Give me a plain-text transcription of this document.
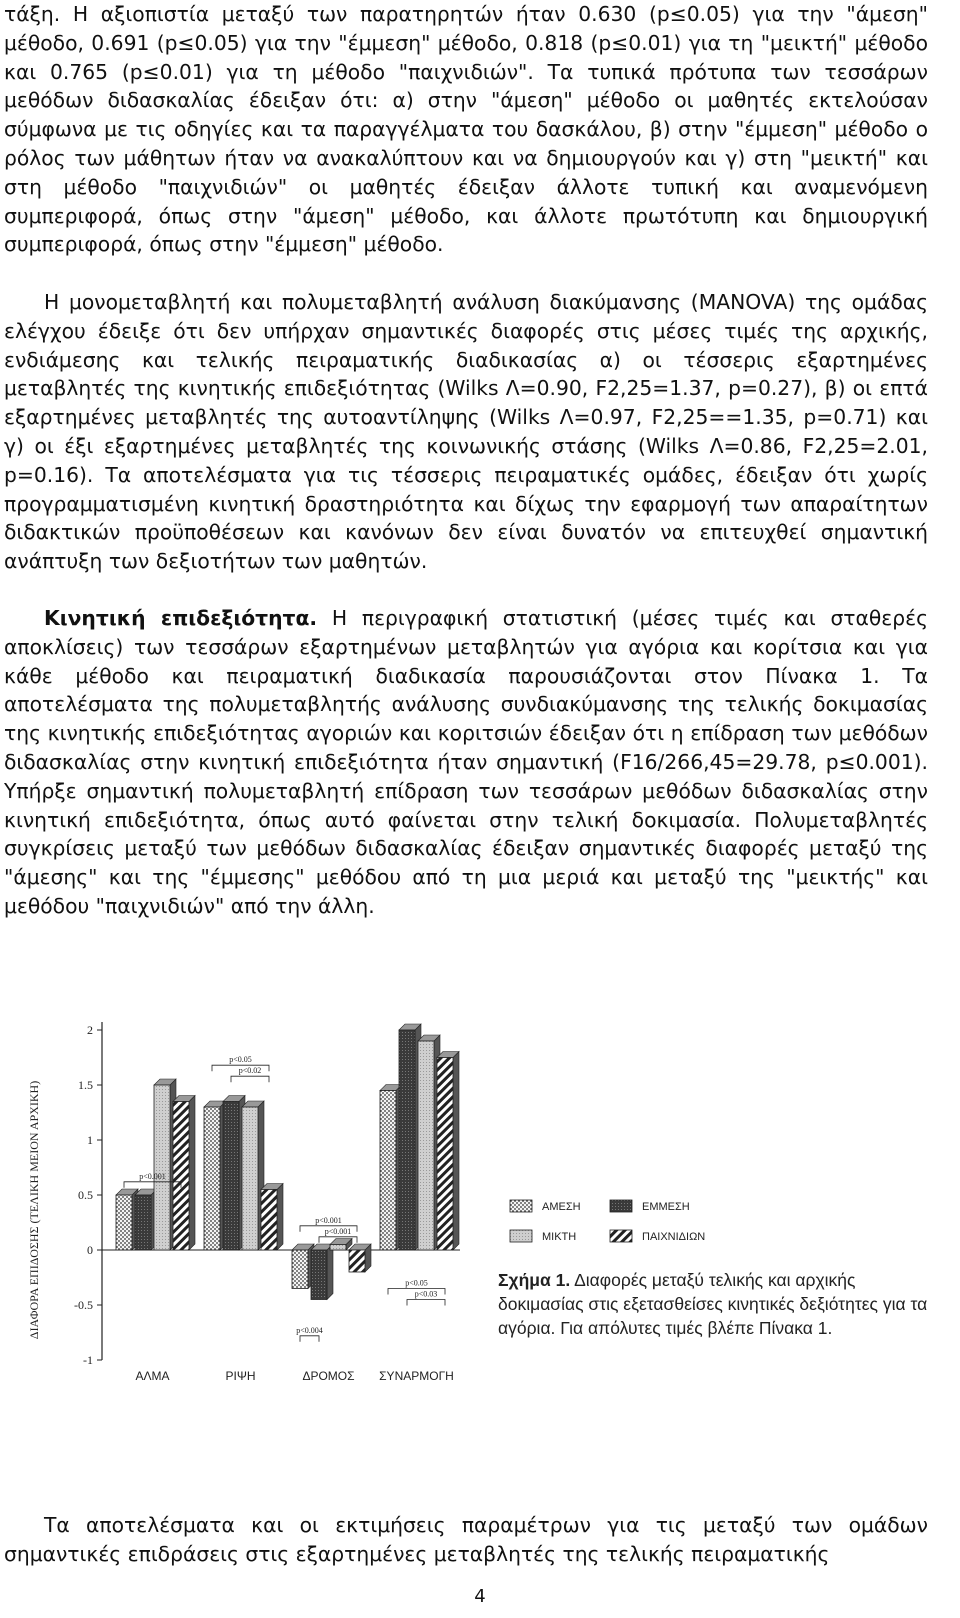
τάξη. Η αξιοπιστία μεταξύ των παρατηρητών ήταν 0.630 (p≤0.05) για την "άμεση" μέθοδο, 0.691 (p≤0.05) για την "έμμεση" μέθοδο, 0.818 (p≤0.01) για τη "μεικτή" μέθοδο και 0.765 (p≤0.01) για τη μέθοδο "παιχνιδιών". Τα τυπικά πρότυπα των τεσσάρων μεθόδων διδασκαλίας έδειξαν ότι: α) στην "άμεση" μέθοδο οι μαθητές εκτελούσαν σύμφωνα με τις οδηγίες και τα παραγγέλματα του δασκάλου, β) στην "έμμεση" μέθοδο ο ρόλος των μάθητων ήταν να ανακαλύπτουν και να δημιουργούν και γ) στη "μεικτή" και στη μέθοδο "παιχνιδιών" οι μαθητές έδειξαν άλλοτε τυπική και αναμενόμενη συμπεριφορά, όπως στην "άμεση" μέθοδο, και άλλοτε πρωτότυπη και δημιουργική συμπεριφορά, όπως στην "έμμεση" μέθοδο.

Η μονομεταβλητή και πολυμεταβλητή ανάλυση διακύμανσης (MANOVA) της ομάδας ελέγχου έδειξε ότι δεν υπήρχαν σημαντικές διαφορές στις μέσες τιμές της αρχικής, ενδιάμεσης και τελικής πειραματικής διαδικασίας α) οι τέσσερις εξαρτημένες μεταβλητές της κινητικής επιδεξιότητας (Wilks Λ=0.90, F2,25=1.37, p=0.27), β) οι επτά εξαρτημένες μεταβλητές της αυτοαντίληψης (Wilks Λ=0.97, F2,25==1.35, p=0.71) και γ) οι έξι εξαρτημένες μεταβλητές της κοινωνικής στάσης (Wilks Λ=0.86, F2,25=2.01, p=0.16). Τα αποτελέσματα για τις τέσσερις πειραματικές ομάδες, έδειξαν ότι χωρίς προγραμματισμένη κινητική δραστηριότητα και δίχως την εφαρμογή των απαραίτητων διδακτικών προϋποθέσεων και κανόνων δεν είναι δυνατόν να επιτευχθεί σημαντική ανάπτυξη των δεξιοτήτων των μαθητών.

Κινητική επιδεξιότητα. Η περιγραφική στατιστική (μέσες τιμές και σταθερές αποκλίσεις) των τεσσάρων εξαρτημένων μεταβλητών για αγόρια και κορίτσια και για κάθε μέθοδο και πειραματική διαδικασία παρουσιάζονται στον Πίνακα 1. Τα αποτελέσματα της πολυμεταβλητής ανάλυσης συνδιακύμανσης της τελικής δοκιμασίας της κινητικής επιδεξιότητας αγοριών και κοριτσιών έδειξαν ότι η επίδραση των μεθόδων διδασκαλίας στην κινητική επιδεξιότητα ήταν σημαντική (F16/266,45=29.78, p≤0.001). Υπήρξε σημαντική πολυμεταβλητή επίδραση των τεσσάρων μεθόδων διδασκαλίας στην κινητική επιδεξιότητα, όπως αυτό φαίνεται στην τελική δοκιμασία. Πολυμεταβλητές συγκρίσεις μεταξύ των μεθόδων διδασκαλίας έδειξαν σημαντικές διαφορές μεταξύ της "άμεσης" και της "έμμεσης" μεθόδου από τη μια μεριά και μεταξύ της "μεικτής" και μεθόδου "παιχνιδιών" από την άλλη.

ΔΙΑΦΟΡΑ ΕΠΙΔΟΣΗΣ (ΤΕΛΙΚΗ ΜΕΙΟΝ ΑΡΧΙΚΗ)
-1
-0.5
0
0.5
1
1.5
2
p<0.001
p<0.05
p<0.02
p<0.001
p<0.001
p<0.004
p<0.05
p<0.03
ΑΛΜΑ	ΡΙΨΗ	ΔΡΟΜΟΣ ΣΥΝΑΡΜΟΓΗ
ΑΜΕΣΗ	ΕΜΜΕΣΗ
ΜΙΚΤΗ	ΠΑΙΧΝΙΔΙΩΝ
Σχήμα 1. Διαφορές μεταξύ τελικής και αρχικής δοκιμασίας στις εξετασθείσες κινητικές δεξιότητες για τα αγόρια. Για απόλυτες τιμές βλέπε Πίνακα 1.

Τα αποτελέσματα και οι εκτιμήσεις παραμέτρων για τις μεταξύ των ομάδων σημαντικές επιδράσεις στις εξαρτημένες μεταβλητές της τελικής πειραματικής

4
